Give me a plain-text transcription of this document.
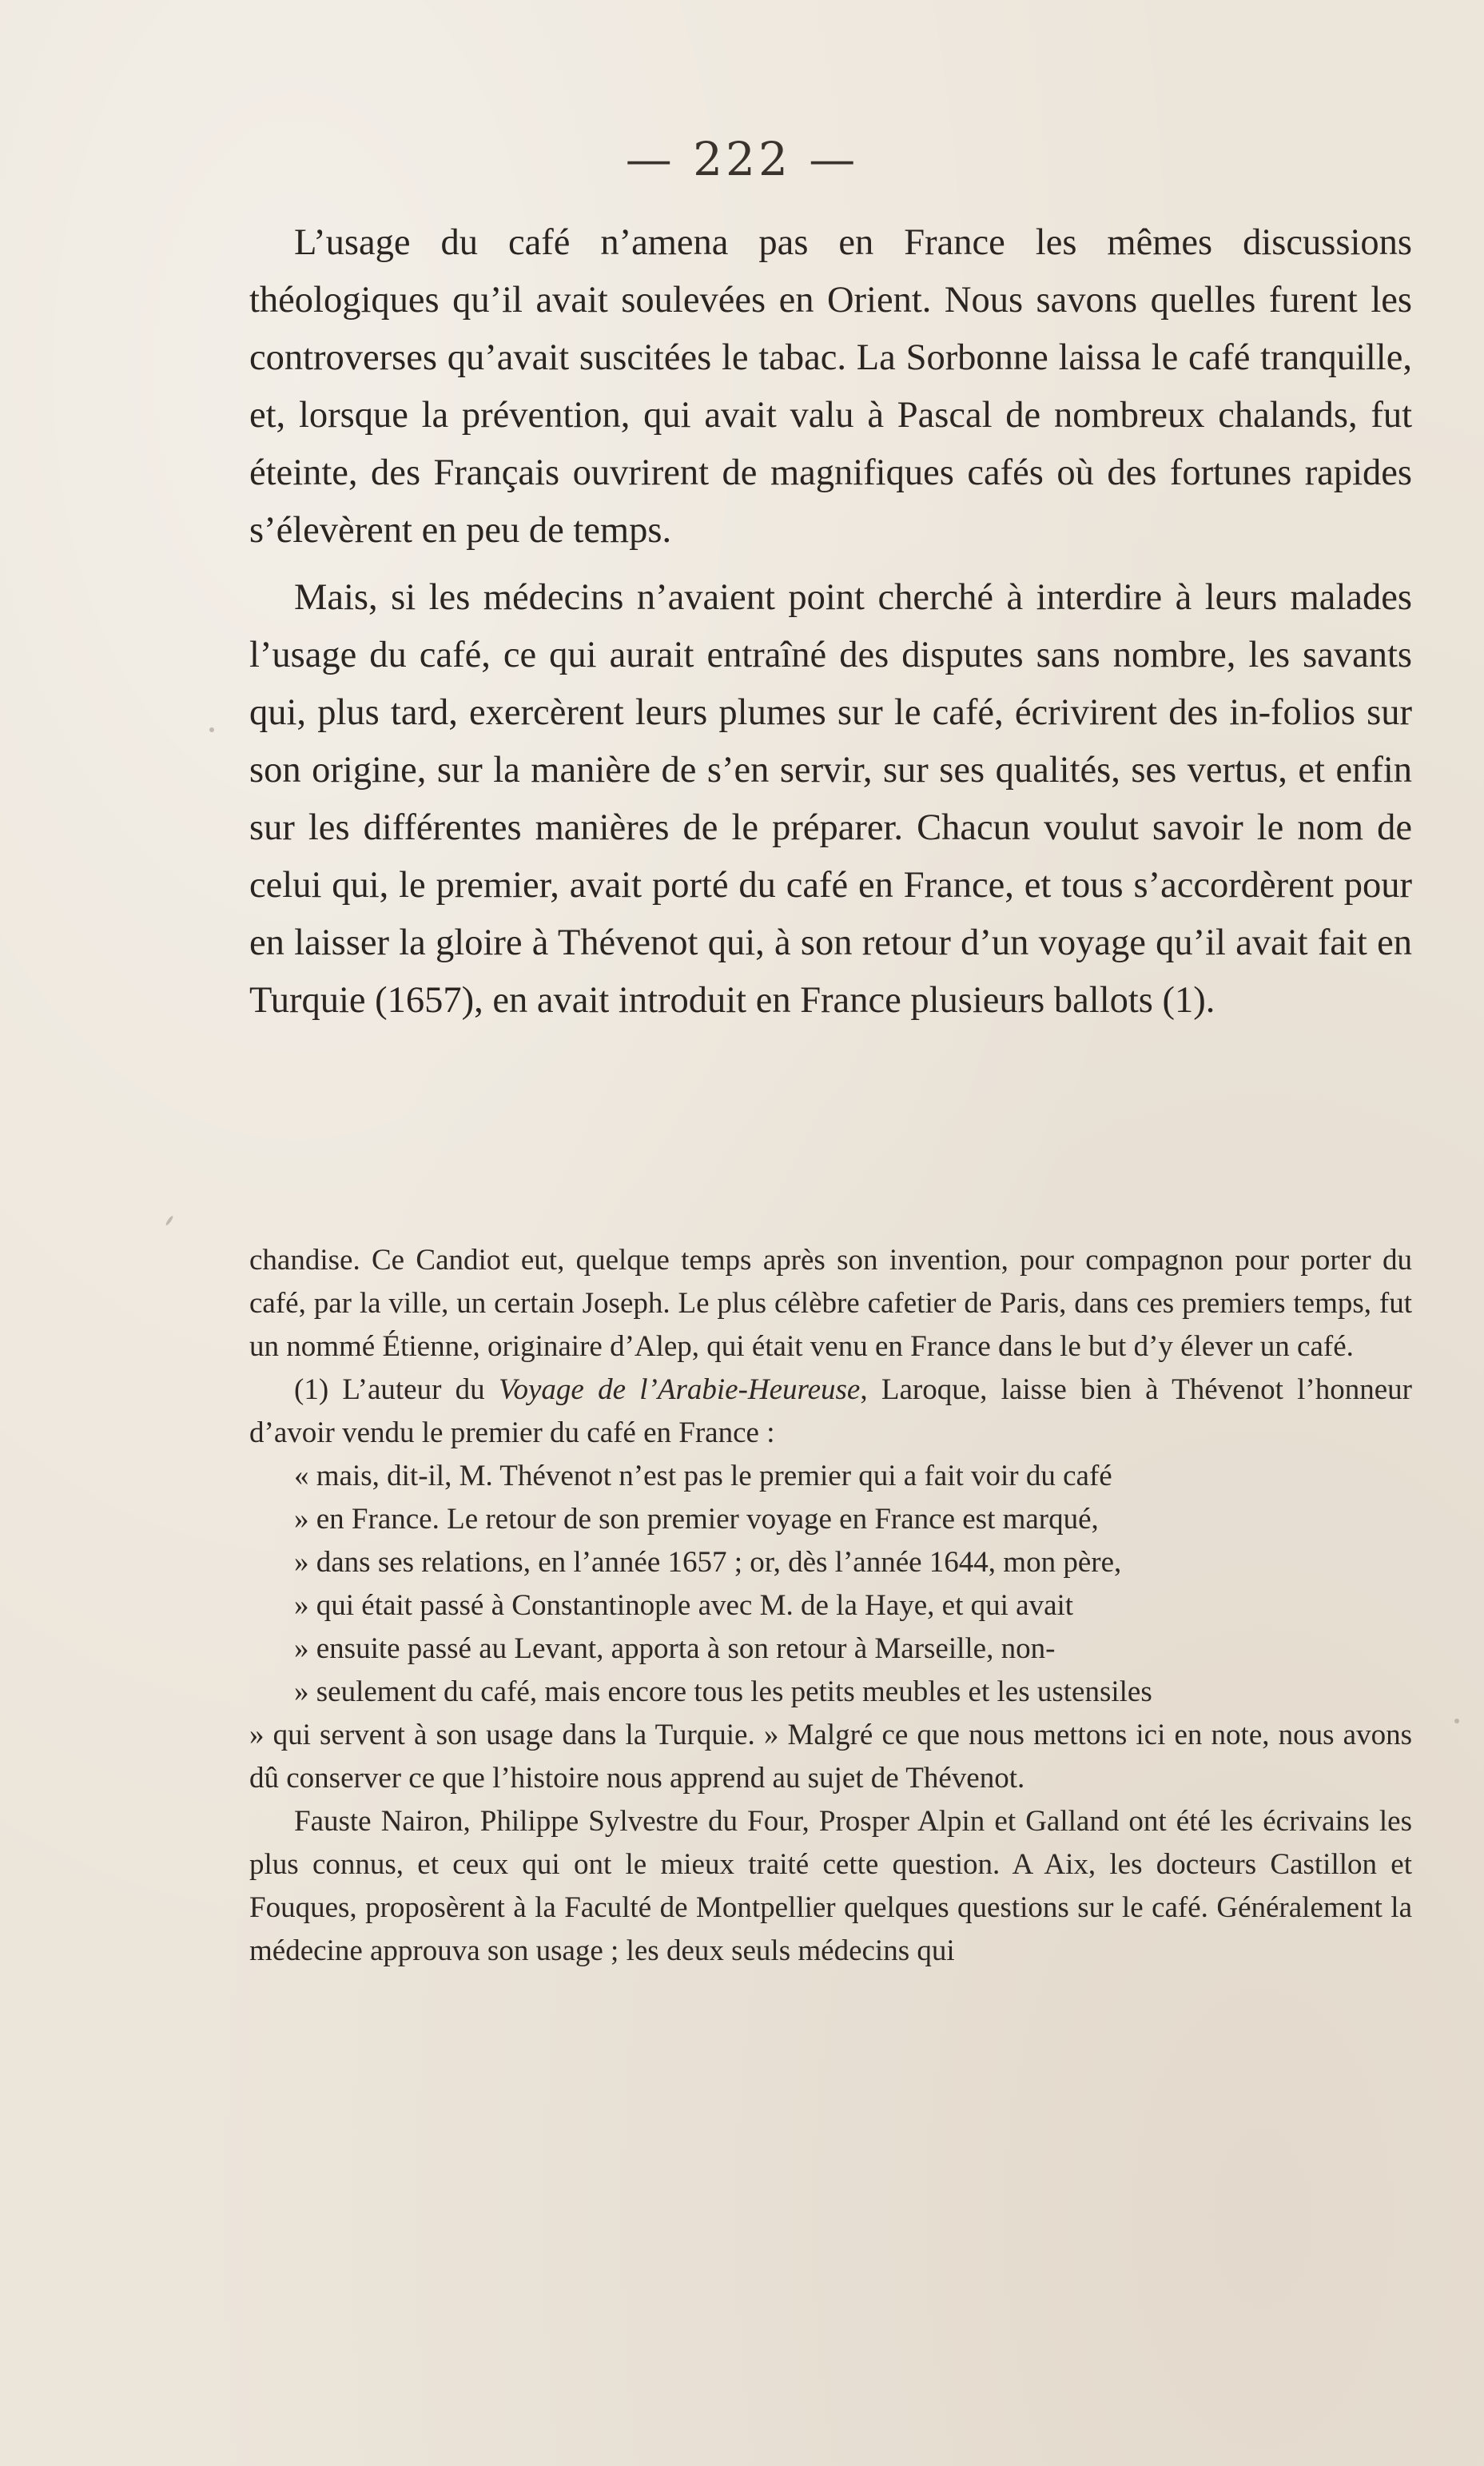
— 222 —

L’usage du café n’amena pas en France les mêmes discussions théologiques qu’il avait soulevées en Orient. Nous savons quelles furent les controverses qu’avait suscitées le tabac. La Sorbonne laissa le café tranquille, et, lorsque la prévention, qui avait valu à Pascal de nombreux chalands, fut éteinte, des Français ouvrirent de magnifiques cafés où des fortunes rapides s’élevèrent en peu de temps.

Mais, si les médecins n’avaient point cherché à interdire à leurs malades l’usage du café, ce qui aurait entraîné des disputes sans nombre, les savants qui, plus tard, exercèrent leurs plumes sur le café, écrivirent des in-folios sur son origine, sur la manière de s’en servir, sur ses qualités, ses vertus, et enfin sur les différentes manières de le préparer. Chacun voulut savoir le nom de celui qui, le premier, avait porté du café en France, et tous s’accordèrent pour en laisser la gloire à Thévenot qui, à son retour d’un voyage qu’il avait fait en Turquie (1657), en avait introduit en France plusieurs ballots (1).

chandise. Ce Candiot eut, quelque temps après son invention, pour compagnon pour porter du café, par la ville, un certain Joseph. Le plus célèbre cafetier de Paris, dans ces premiers temps, fut un nommé Étienne, originaire d’Alep, qui était venu en France dans le but d’y élever un café.

(1) L’auteur du Voyage de l’Arabie-Heureuse, Laroque, laisse bien à Thévenot l’honneur d’avoir vendu le premier du café en France :
« mais, dit-il, M. Thévenot n’est pas le premier qui a fait voir du café
» en France. Le retour de son premier voyage en France est marqué,
» dans ses relations, en l’année 1657 ; or, dès l’année 1644, mon père,
» qui était passé à Constantinople avec M. de la Haye, et qui avait
» ensuite passé au Levant, apporta à son retour à Marseille, non-
» seulement du café, mais encore tous les petits meubles et les ustensiles
» qui servent à son usage dans la Turquie. » Malgré ce que nous mettons ici en note, nous avons dû conserver ce que l’histoire nous apprend au sujet de Thévenot.

Fauste Nairon, Philippe Sylvestre du Four, Prosper Alpin et Galland ont été les écrivains les plus connus, et ceux qui ont le mieux traité cette question. A Aix, les docteurs Castillon et Fouques, proposèrent à la Faculté de Montpellier quelques questions sur le café. Généralement la médecine approuva son usage ; les deux seuls médecins qui
